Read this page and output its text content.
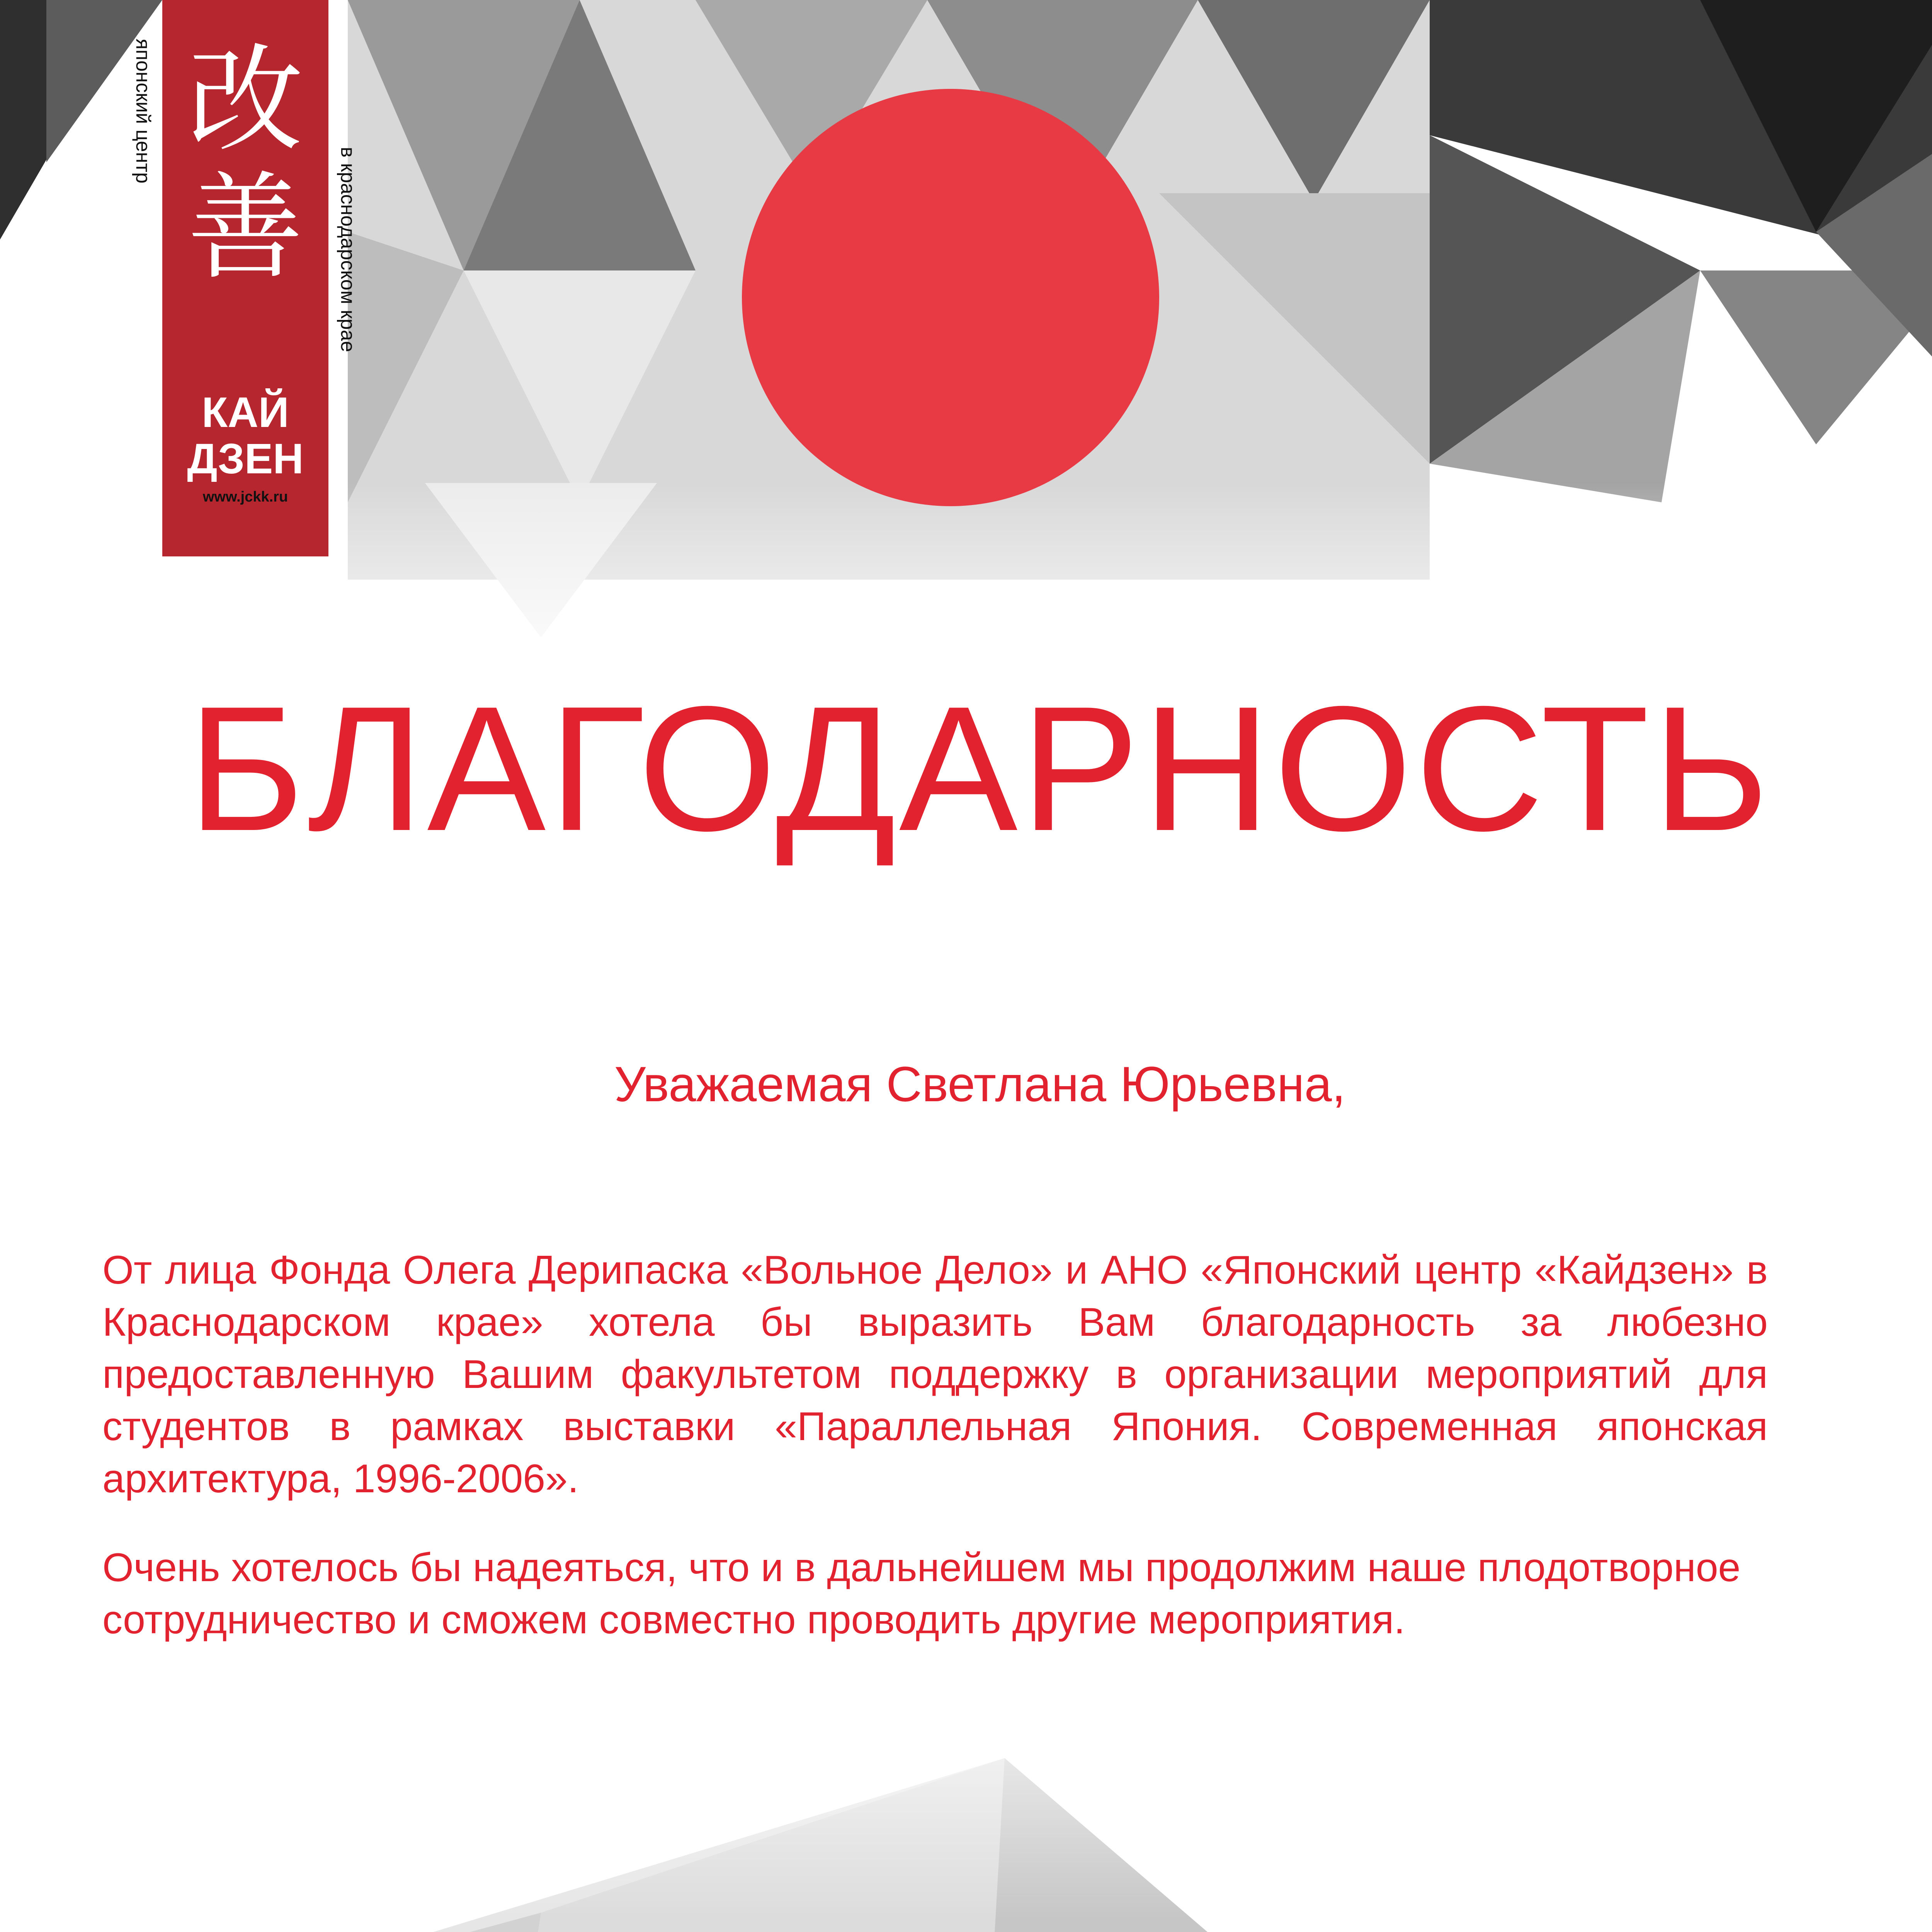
改
善
КАЙ
ДЗЕН
www.jckk.ru
японский центр
в краснодарском крае
БЛАГОДАРНОСТЬ
Уважаемая Светлана Юрьевна,
От лица Фонда Олега Дерипаска «Вольное Дело» и АНО «Японский центр «Кайдзен» в Краснодарском крае» хотела бы выразить Вам благодарность за любезно предоставленную Вашим факультетом поддержку в организации мероприятий для студентов в рамках выставки «Параллельная Япония. Современная японская архитектура, 1996-2006».
Очень хотелось бы надеяться, что и в дальнейшем мы продолжим наше плодотворное сотрудничество и сможем совместно проводить другие мероприятия.
